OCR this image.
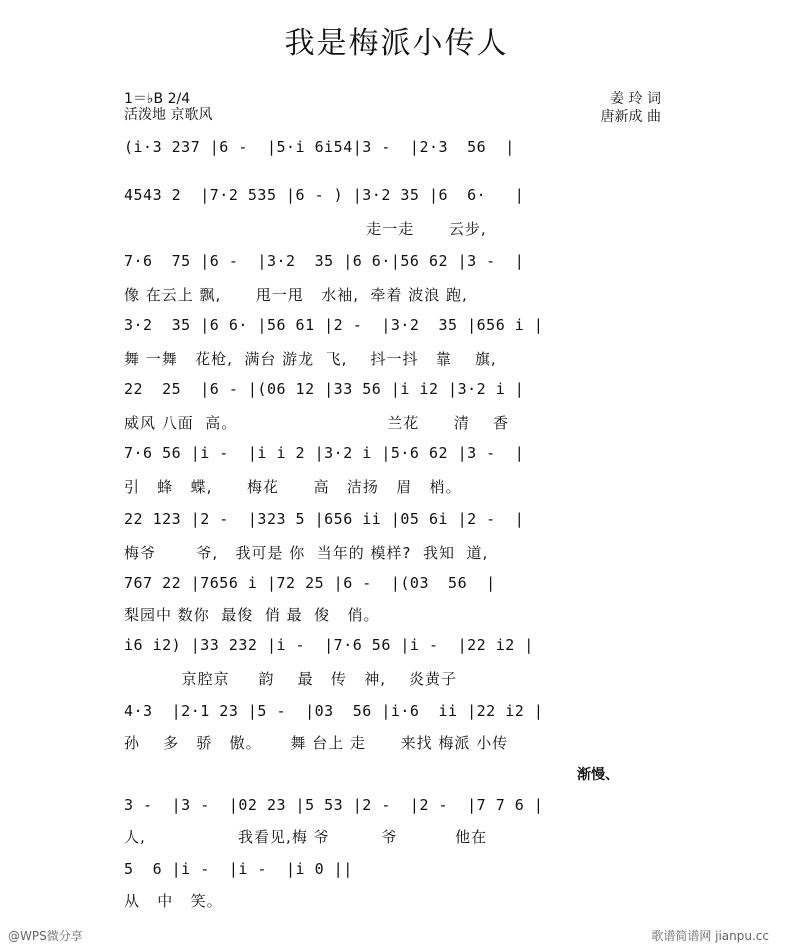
我是梅派小传人
1＝♭B 2/4
活泼地 京歌风
姜 玲 词
唐新成 曲
(i·3 237 |6 -  |5·i 6i54|3 -  |2·3  56  |
4543 2  |7·2 535 |6 - ) |3·2 35 |6  6·   |
走一走      云步,
7·6  75 |6 -  |3·2  35 |6 6·|56 62 |3 -  |
像 在云上 飘,      甩一甩   水袖,  牵着 波浪 跑,
3·2  35 |6 6· |56 61 |2 -  |3·2  35 |656 i |
舞 一舞   花枪,  满台 游龙  飞,    抖一抖   靠    旗,
22  25  |6 - |(06 12 |33 56 |i i2 |3·2 i |
威风 八面  高。                          兰花      清    香
7·6 56 |i -  |i i 2 |3·2 i |5·6 62 |3 -  |
引   蜂   蝶,      梅花      高   洁扬   眉   梢。
22 123 |2 -  |323 5 |656 ii |05 6i |2 -  |
梅爷       爷,   我可是 你  当年的 模样?  我知  道,
767 22 |7656 i |72 25 |6 -  |(03  56  |
梨园中 数你  最俊  俏 最  俊   俏。
i6 i2) |33 232 |i -  |7·6 56 |i -  |22 i2 |
京腔京     韵    最   传   神,    炎黄子
4·3  |2·1 23 |5 -  |03  56 |i·6  ii |22 i2 |
孙    多   骄   傲。     舞 台上 走      来找 梅派 小传
渐慢、
3 -  |3 -  |02 23 |5 53 |2 -  |2 -  |7 7 6 |
人,                我看见,梅 爷         爷          他在
5  6 |i -  |i -  |i 0 ||
从   中   笑。
@WPS微分享	歌谱简谱网 jianpu.cc
